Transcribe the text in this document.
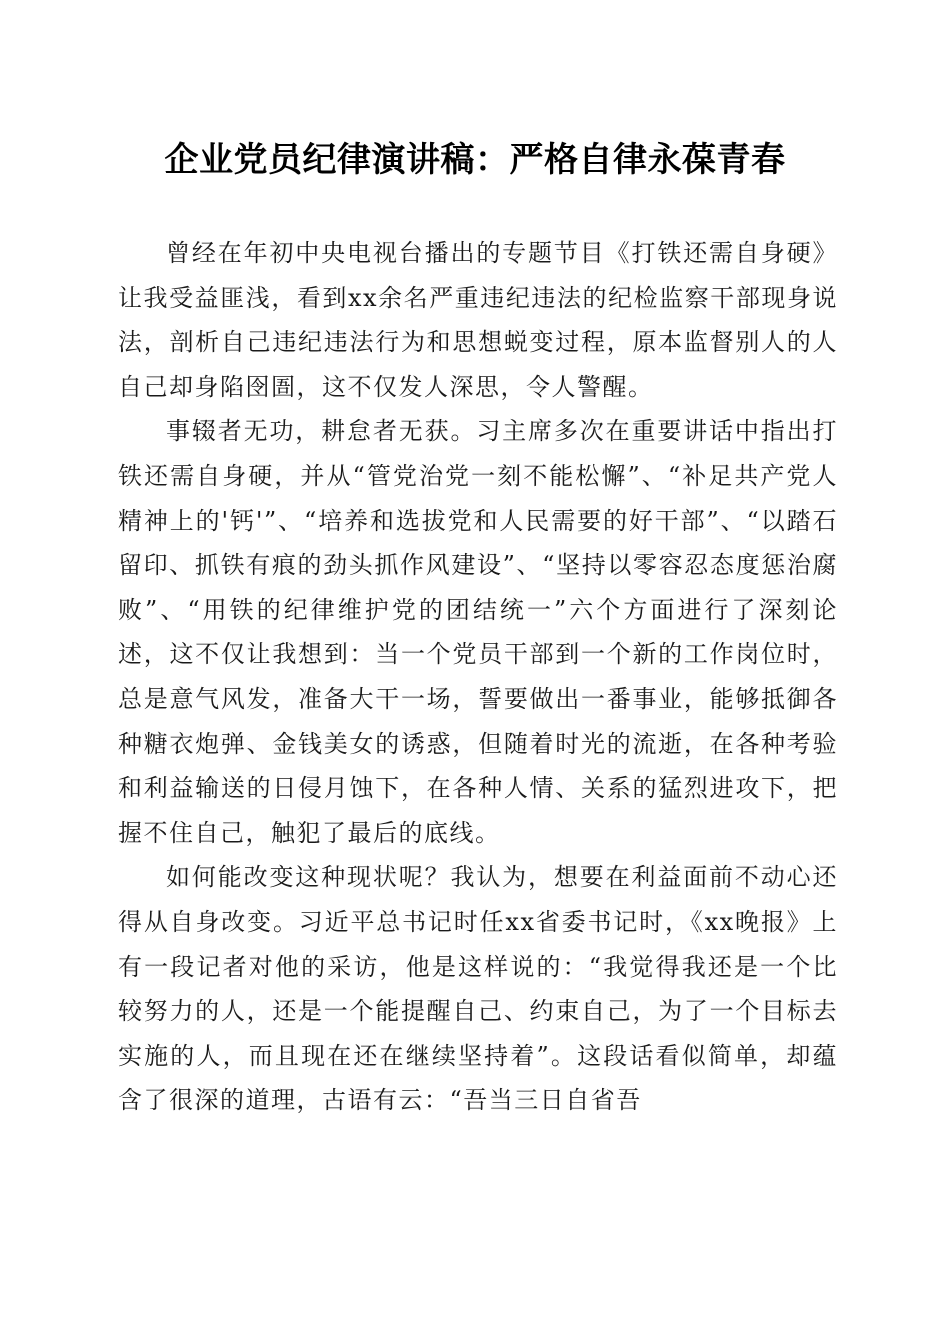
企业党员纪律演讲稿：严格自律永葆青春

曾经在年初中央电视台播出的专题节目《打铁还需自身硬》让我受益匪浅，看到xx余名严重违纪违法的纪检监察干部现身说法，剖析自己违纪违法行为和思想蜕变过程，原本监督别人的人自己却身陷囹圄，这不仅发人深思，令人警醒。

事辍者无功，耕怠者无获。习主席多次在重要讲话中指出打铁还需自身硬，并从“管党治党一刻不能松懈”、“补足共产党人精神上的'钙'”、“培养和选拔党和人民需要的好干部”、“以踏石留印、抓铁有痕的劲头抓作风建设”、“坚持以零容忍态度惩治腐败”、“用铁的纪律维护党的团结统一”六个方面进行了深刻论述，这不仅让我想到：当一个党员干部到一个新的工作岗位时，总是意气风发，准备大干一场，誓要做出一番事业，能够抵御各种糖衣炮弹、金钱美女的诱惑，但随着时光的流逝，在各种考验和利益输送的日侵月蚀下，在各种人情、关系的猛烈进攻下，把握不住自己，触犯了最后的底线。

如何能改变这种现状呢？我认为，想要在利益面前不动心还得从自身改变。习近平总书记时任xx省委书记时，《xx晚报》上有一段记者对他的采访，他是这样说的：“我觉得我还是一个比较努力的人，还是一个能提醒自己、约束自己，为了一个目标去实施的人，而且现在还在继续坚持着”。这段话看似简单，却蕴含了很深的道理，古语有云：“吾当三日自省吾
